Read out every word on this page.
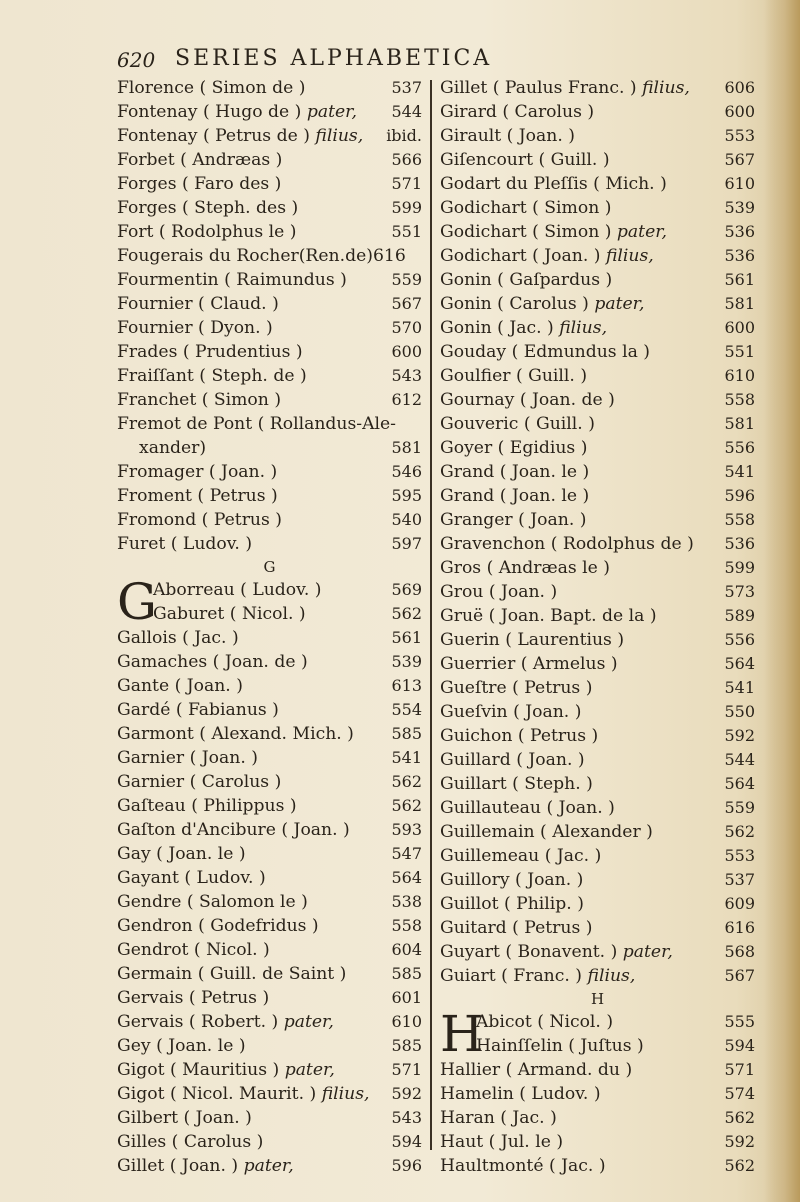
620 SERIES ALPHABETICA
Florence ( Simon de )	537
Fontenay ( Hugo de ) pater, 544
Fontenay ( Petrus de ) filius, ibid.
Forbet ( Andræas )	566
Forges ( Faro des )	571
Forges ( Steph. des )	599
Fort ( Rodolphus le )	551
Fougerais du Rocher(Ren.de)616
Fourmentin ( Raimundus )	559
Fournier ( Claud. )	567
Fournier ( Dyon. )	570
Frades ( Prudentius )	600
Fraiſſant ( Steph. de )	543
Franchet ( Simon )	612
Fremot de Pont ( Rollandus-Ale-
xander)	581
Fromager ( Joan. )	546
Froment ( Petrus )	595
Fromond ( Petrus )	540
Furet ( Ludov. )	597
G
G
Aborreau ( Ludov. )	569
Gaburet ( Nicol. )	562
Gallois ( Jac. )	561
Gamaches ( Joan. de )	539
Gante ( Joan. )	613
Gardé ( Fabianus )	554
Garmont ( Alexand. Mich. ) 585
Garnier ( Joan. )	541
Garnier ( Carolus )	562
Gaſteau ( Philippus )	562
Gaſton d'Ancibure ( Joan. )	593
Gay ( Joan. le )	547
Gayant ( Ludov. )	564
Gendre ( Salomon le )	538
Gendron ( Godefridus )	558
Gendrot ( Nicol. )	604
Germain ( Guill. de Saint )	585
Gervais ( Petrus )	601
Gervais ( Robert. ) pater,	610
Gey ( Joan. le )	585
Gigot ( Mauritius ) pater,	571
Gigot ( Nicol. Maurit. ) filius, 592
Gilbert ( Joan. )	543
Gilles ( Carolus )	594
Gillet ( Joan. ) pater,	596
Gillet ( Paulus Franc. ) filius, 606
Girard ( Carolus )	600
Girault ( Joan. )	553
Giſencourt ( Guill. )	567
Godart du Pleſſis ( Mich. )	610
Godichart ( Simon )	539
Godichart ( Simon ) pater,	536
Godichart ( Joan. ) filius,	536
Gonin ( Gaſpardus )	561
Gonin ( Carolus ) pater,	581
Gonin ( Jac. ) filius,	600
Gouday ( Edmundus la )	551
Goulfier ( Guill. )	610
Gournay ( Joan. de )	558
Gouveric ( Guill. )	581
Goyer ( Egidius )	556
Grand ( Joan. le )	541
Grand ( Joan. le )	596
Granger ( Joan. )	558
Gravenchon ( Rodolphus de ) 536
Gros ( Andræas le )	599
Grou ( Joan. )	573
Gruë ( Joan. Bapt. de la )	589
Guerin ( Laurentius )	556
Guerrier ( Armelus )	564
Gueſtre ( Petrus )	541
Gueſvin ( Joan. )	550
Guichon ( Petrus )	592
Guillard ( Joan. )	544
Guillart ( Steph. )	564
Guillauteau ( Joan. )	559
Guillemain ( Alexander )	562
Guillemeau ( Jac. )	553
Guillory ( Joan. )	537
Guillot ( Philip. )	609
Guitard ( Petrus )	616
Guyart ( Bonavent. ) pater,	568
Guiart ( Franc. ) filius,	567
H
H
Abicot ( Nicol. )	555
Hainſſelin ( Juſtus )	594
Hallier ( Armand. du )	571
Hamelin ( Ludov. )	574
Haran ( Jac. )	562
Haut ( Jul. le )	592
Haultmonté ( Jac. )	562
